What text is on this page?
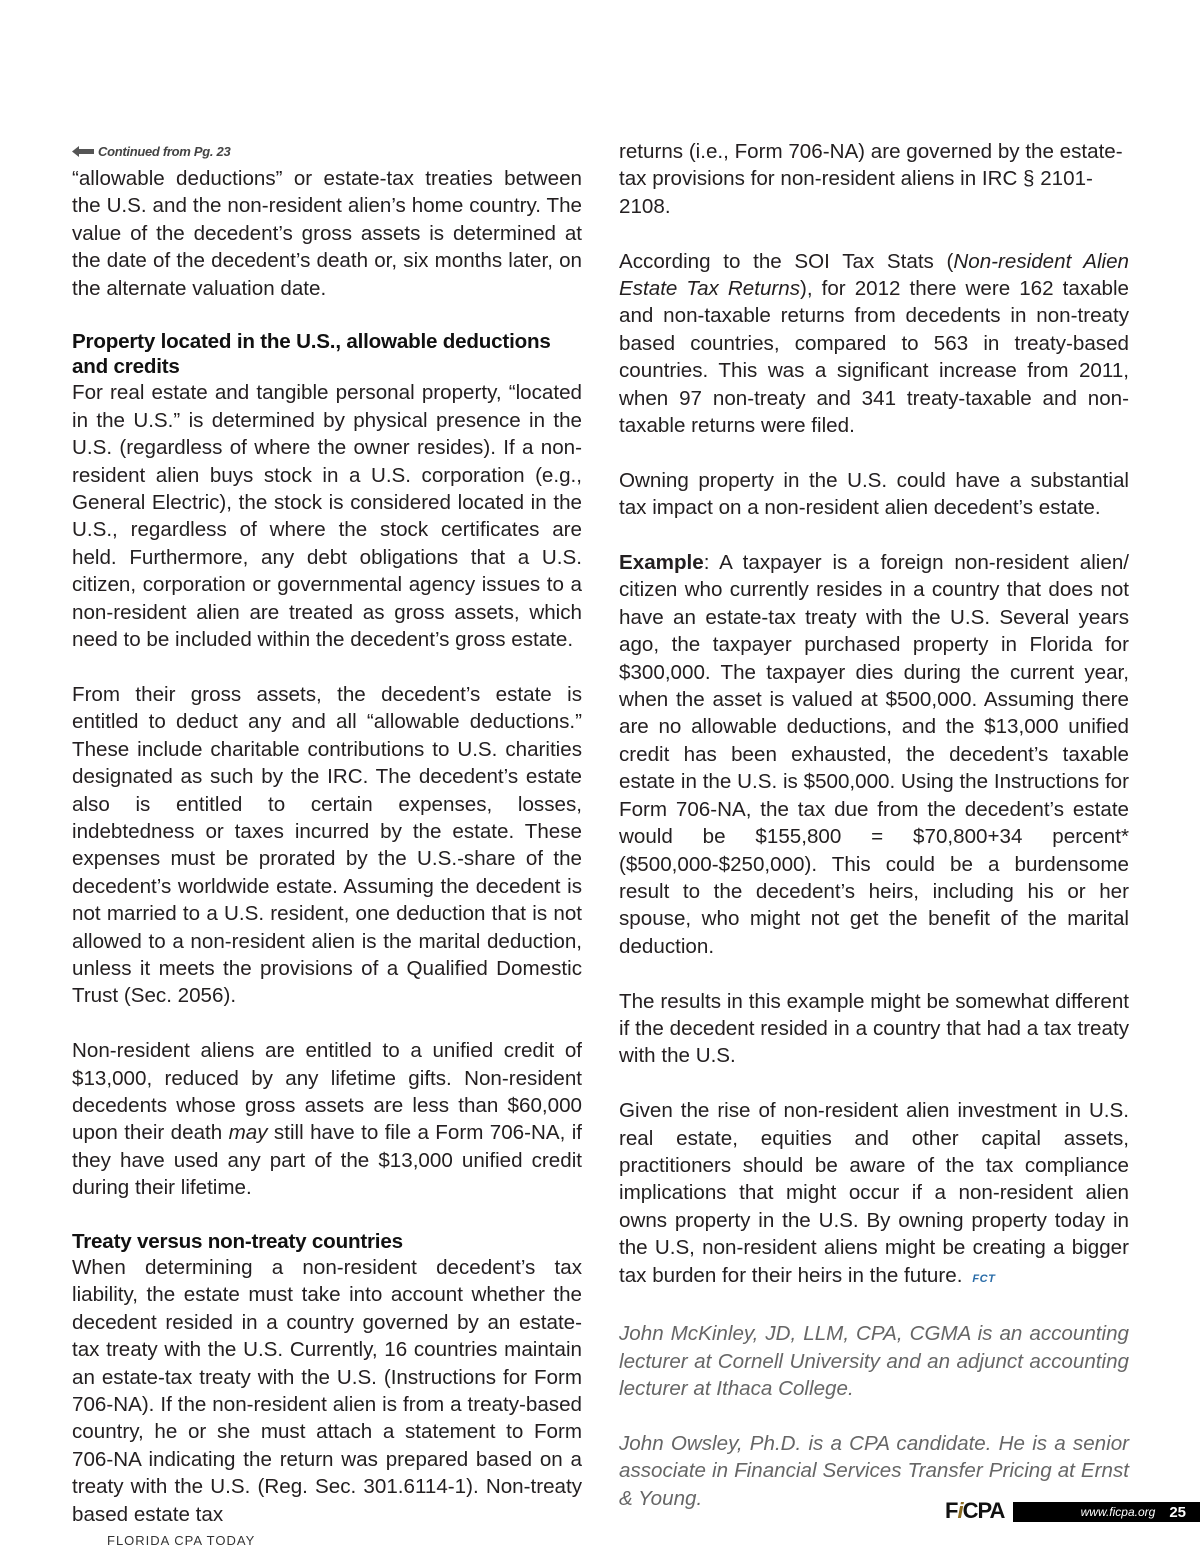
Continued from Pg. 23

“allowable deductions” or estate-tax treaties between the U.S. and the non-resident alien’s home country. The value of the decedent’s gross assets is determined at the date of the decedent’s death or, six months later, on the alternate valuation date.

Property located in the U.S., allowable deductions and credits

For real estate and tangible personal property, “located in the U.S.” is determined by physical presence in the U.S. (regardless of where the owner resides). If a non-resident alien buys stock in a U.S. corporation (e.g., General Electric), the stock is considered located in the U.S., regardless of where the stock certificates are held. Furthermore, any debt obligations that a U.S. citizen, corporation or governmental agency issues to a non-resident alien are treated as gross assets, which need to be included within the decedent’s gross estate.

From their gross assets, the decedent’s estate is entitled to deduct any and all “allowable deductions.” These include charitable contributions to U.S. charities designated as such by the IRC. The decedent’s estate also is entitled to certain expenses, losses, indebtedness or taxes incurred by the estate. These expenses must be prorated by the U.S.-share of the decedent’s worldwide estate. Assuming the decedent is not married to a U.S. resident, one deduction that is not allowed to a non-resident alien is the marital deduction, unless it meets the provisions of a Qualified Domestic Trust (Sec. 2056).

Non-resident aliens are entitled to a unified credit of $13,000, reduced by any lifetime gifts. Non-resident decedents whose gross assets are less than $60,000 upon their death may still have to file a Form 706-NA, if they have used any part of the $13,000 unified credit during their lifetime.

Treaty versus non-treaty countries

When determining a non-resident decedent’s tax liability, the estate must take into account whether the decedent resided in a country governed by an estate-tax treaty with the U.S. Currently, 16 countries maintain an estate-tax treaty with the U.S. (Instructions for Form 706-NA). If the non-resident alien is from a treaty-based country, he or she must attach a statement to Form 706-NA indicating the return was prepared based on a treaty with the U.S. (Reg. Sec. 301.6114-1). Non-treaty based estate tax

returns (i.e., Form 706-NA) are governed by the estate-tax provisions for non-resident aliens in IRC § 2101-2108.

According to the SOI Tax Stats (Non-resident Alien Estate Tax Returns), for 2012 there were 162 taxable and non-taxable returns from decedents in non-treaty based countries, compared to 563 in treaty-based countries. This was a significant increase from 2011, when 97 non-treaty and 341 treaty-taxable and non-taxable returns were filed.

Owning property in the U.S. could have a substantial tax impact on a non-resident alien decedent’s estate.

Example: A taxpayer is a foreign non-resident alien/ citizen who currently resides in a country that does not have an estate-tax treaty with the U.S. Several years ago, the taxpayer purchased property in Florida for $300,000. The taxpayer dies during the current year, when the asset is valued at $500,000. Assuming there are no allowable deductions, and the $13,000 unified credit has been exhausted, the decedent’s taxable estate in the U.S. is $500,000. Using the Instructions for Form 706-NA, the tax due from the decedent’s estate would be $155,800 = $70,800+34 percent*($500,000-$250,000). This could be a burdensome result to the decedent’s heirs, including his or her spouse, who might not get the benefit of the marital deduction.

The results in this example might be somewhat different if the decedent resided in a country that had a tax treaty with the U.S.

Given the rise of non-resident alien investment in U.S. real estate, equities and other capital assets, practitioners should be aware of the tax compliance implications that might occur if a non-resident alien owns property in the U.S. By owning property today in the U.S, non-resident aliens might be creating a bigger tax burden for their heirs in the future. FCT

John McKinley, JD, LLM, CPA, CGMA is an accounting lecturer at Cornell University and an adjunct accounting lecturer at Ithaca College.

John Owsley, Ph.D. is a CPA candidate. He is a senior associate in Financial Services Transfer Pricing at Ernst & Young.

FLORIDA CPA TODAY
FiCPA	www.ficpa.org 25
